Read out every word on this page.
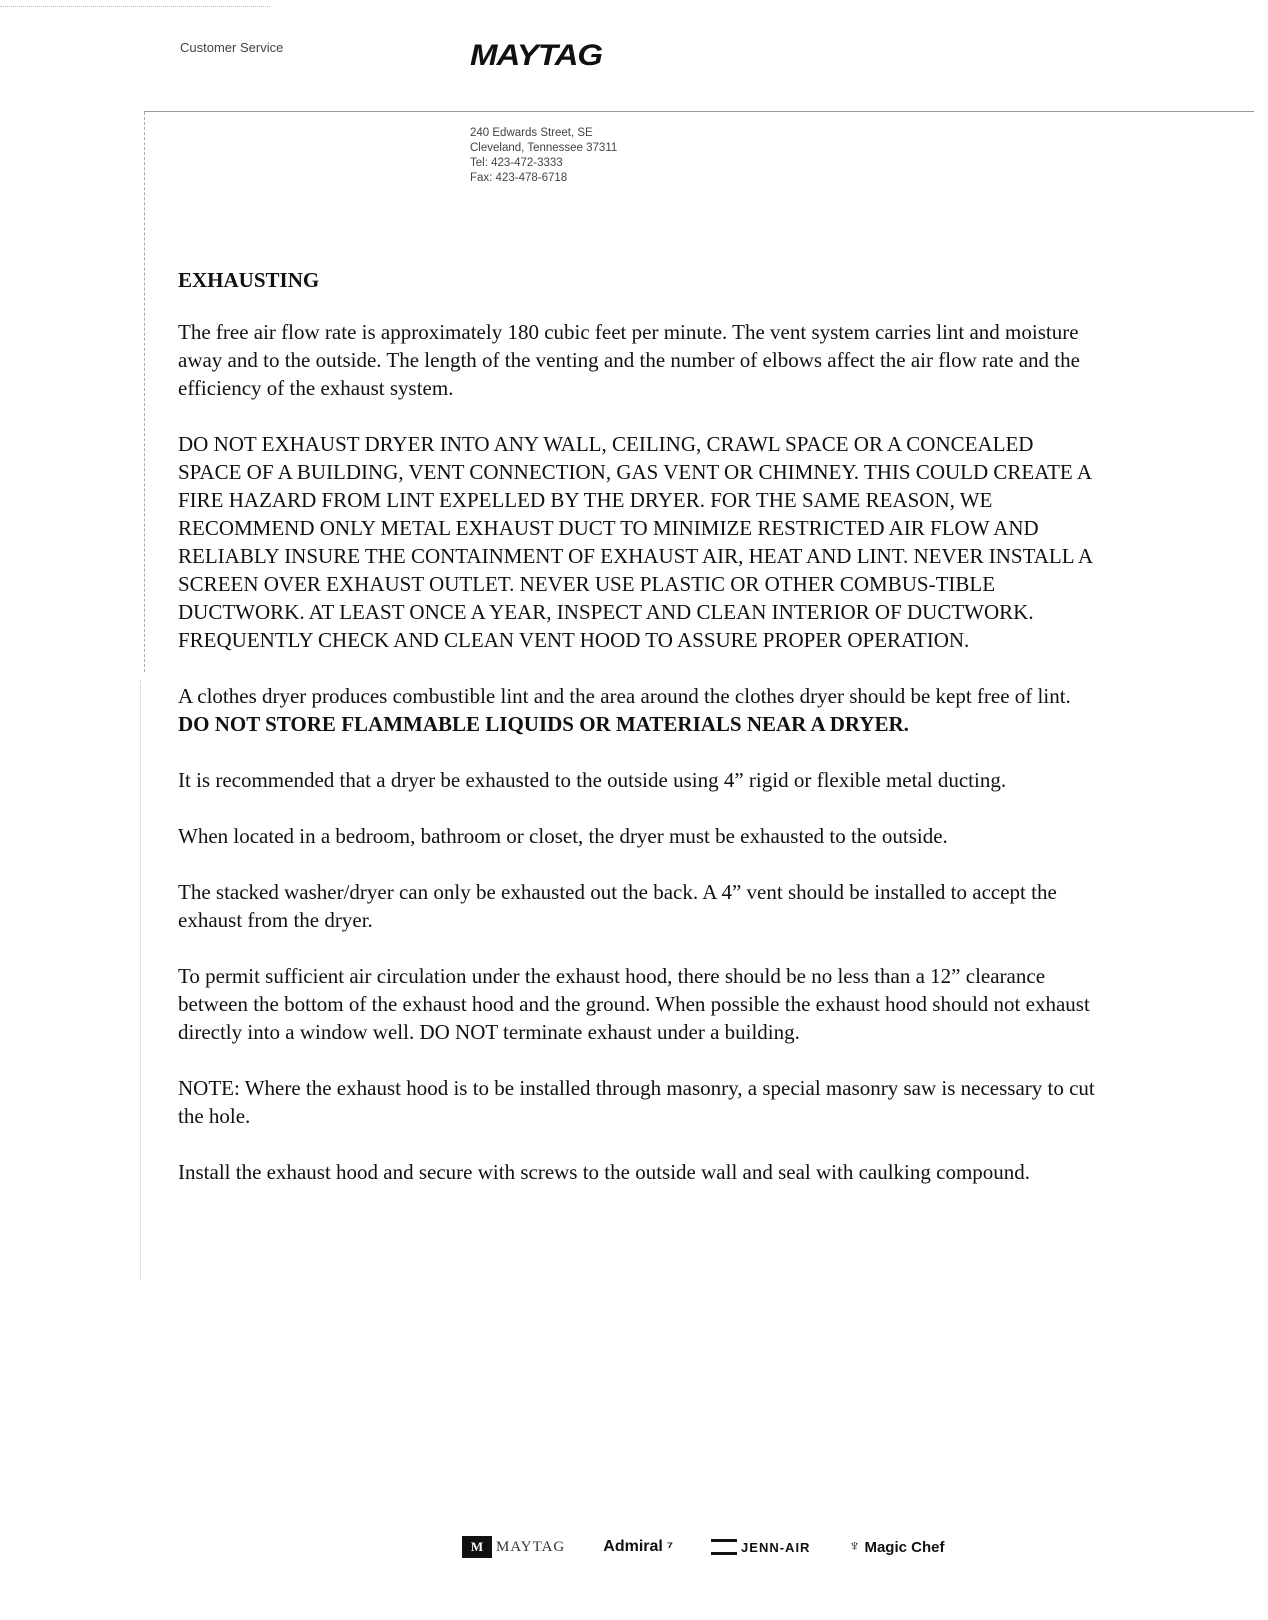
Customer Service	MAYTAG
240 Edwards Street, SE
Cleveland, Tennessee 37311
Tel: 423-472-3333
Fax: 423-478-6718
EXHAUSTING

The free air flow rate is approximately 180 cubic feet per minute. The vent system carries lint and moisture away and to the outside. The length of the venting and the number of elbows affect the air flow rate and the efficiency of the exhaust system.

DO NOT EXHAUST DRYER INTO ANY WALL, CEILING, CRAWL SPACE OR A CONCEALED SPACE OF A BUILDING, VENT CONNECTION, GAS VENT OR CHIMNEY. THIS COULD CREATE A FIRE HAZARD FROM LINT EXPELLED BY THE DRYER. FOR THE SAME REASON, WE RECOMMEND ONLY METAL EXHAUST DUCT TO MINIMIZE RESTRICTED AIR FLOW AND RELIABLY INSURE THE CONTAINMENT OF EXHAUST AIR, HEAT AND LINT. NEVER INSTALL A SCREEN OVER EXHAUST OUTLET. NEVER USE PLASTIC OR OTHER COMBUS-TIBLE DUCTWORK. AT LEAST ONCE A YEAR, INSPECT AND CLEAN INTERIOR OF DUCTWORK. FREQUENTLY CHECK AND CLEAN VENT HOOD TO ASSURE PROPER OPERATION.

A clothes dryer produces combustible lint and the area around the clothes dryer should be kept free of lint. DO NOT STORE FLAMMABLE LIQUIDS OR MATERIALS NEAR A DRYER.

It is recommended that a dryer be exhausted to the outside using 4” rigid or flexible metal ducting.

When located in a bedroom, bathroom or closet, the dryer must be exhausted to the outside.

The stacked washer/dryer can only be exhausted out the back. A 4” vent should be installed to accept the exhaust from the dryer.

To permit sufficient air circulation under the exhaust hood, there should be no less than a 12” clearance between the bottom of the exhaust hood and the ground. When possible the exhaust hood should not exhaust directly into a window well. DO NOT terminate exhaust under a building.

NOTE: Where the exhaust hood is to be installed through masonry, a special masonry saw is necessary to cut the hole.

Install the exhaust hood and secure with screws to the outside wall and seal with caulking compound.

M MAYTAG Admiral ⁷	JENN-AIR ♆ Magic Chef
